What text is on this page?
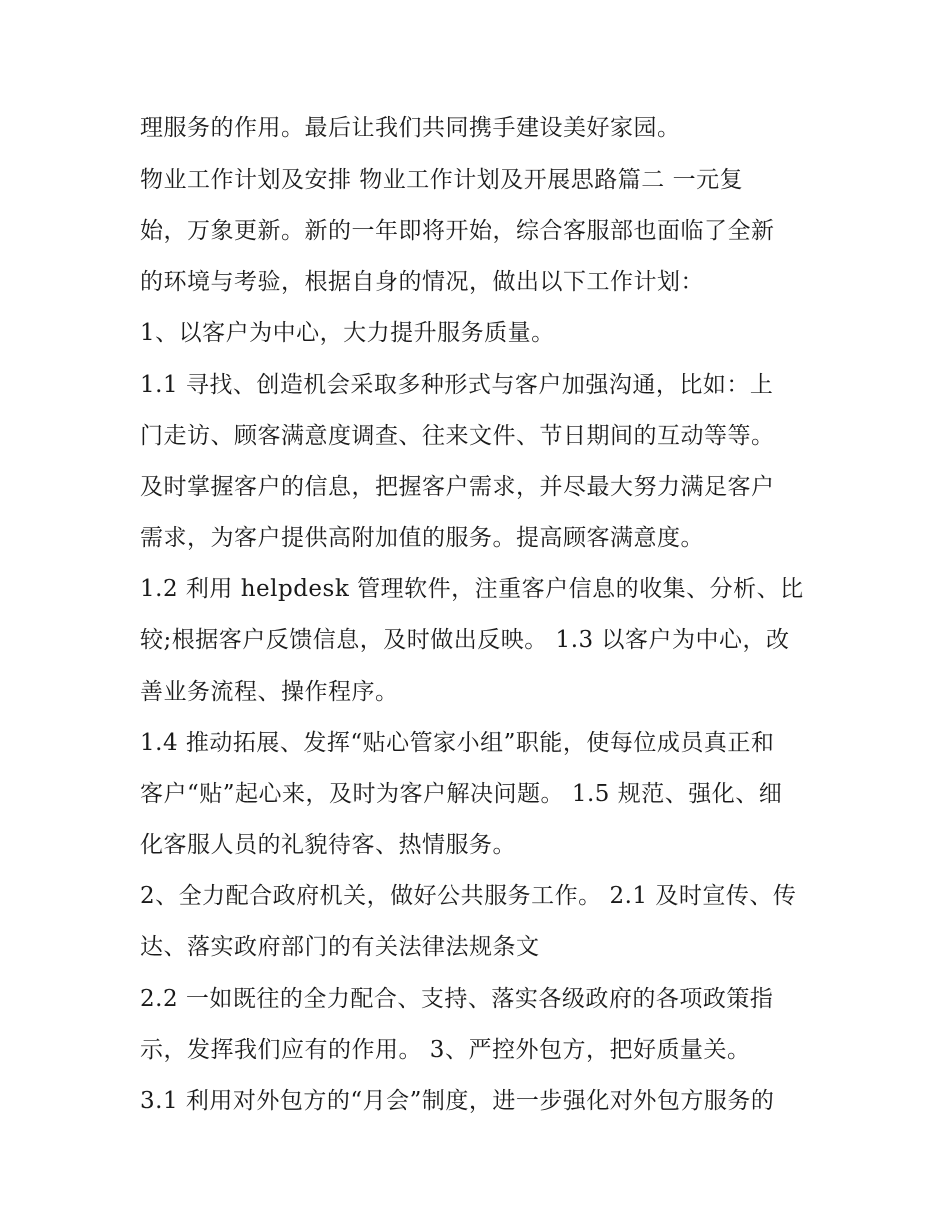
理服务的作用。最后让我们共同携手建设美好家园。
物业工作计划及安排 物业工作计划及开展思路篇二 一元复
始，万象更新。新的一年即将开始，综合客服部也面临了全新
的环境与考验，根据自身的情况，做出以下工作计划：
1、以客户为中心，大力提升服务质量。
1.1 寻找、创造机会采取多种形式与客户加强沟通，比如：上
门走访、顾客满意度调查、往来文件、节日期间的互动等等。
及时掌握客户的信息，把握客户需求，并尽最大努力满足客户
需求，为客户提供高附加值的服务。提高顾客满意度。
1.2 利用 helpdesk 管理软件，注重客户信息的收集、分析、比
较;根据客户反馈信息，及时做出反映。 1.3 以客户为中心，改
善业务流程、操作程序。
1.4 推动拓展、发挥“贴心管家小组”职能，使每位成员真正和
客户“贴”起心来，及时为客户解决问题。 1.5 规范、强化、细
化客服人员的礼貌待客、热情服务。
2、全力配合政府机关，做好公共服务工作。 2.1 及时宣传、传
达、落实政府部门的有关法律法规条文
2.2 一如既往的全力配合、支持、落实各级政府的各项政策指
示，发挥我们应有的作用。 3、严控外包方，把好质量关。
3.1 利用对外包方的“月会”制度，进一步强化对外包方服务的
